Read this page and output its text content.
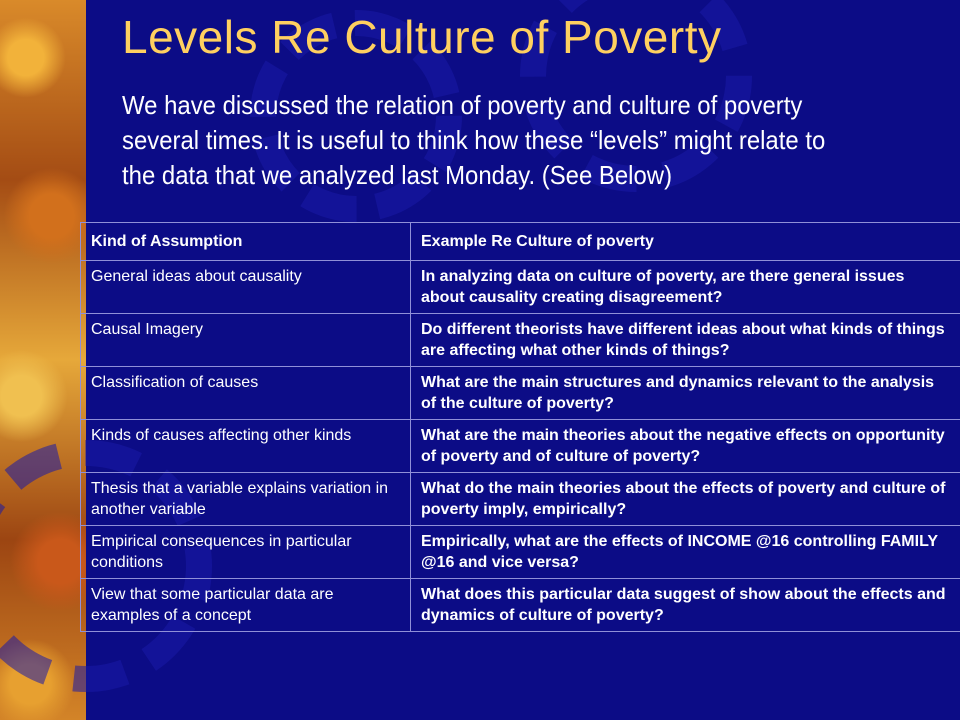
Levels Re Culture of Poverty

We have discussed the relation of poverty and culture of poverty several times. It is useful to think how these “levels” might relate to the data that we analyzed last Monday. (See Below)

Kind of Assumption	Example Re Culture of poverty
General ideas about causality	In analyzing data on culture of poverty, are there general issues about causality creating disagreement?
Causal Imagery	Do different theorists have different ideas about what kinds of things are affecting what other kinds of things?
Classification of causes	What are the main structures and dynamics relevant to the analysis of the culture of poverty?
Kinds of causes affecting other kinds	What are the main theories about the negative effects on opportunity of poverty and of culture of poverty?
Thesis that a variable explains variation in another variable	What do the main theories about the effects of poverty and culture of poverty imply, empirically?
Empirical consequences in particular conditions	Empirically, what are the effects of INCOME @16 controlling FAMILY @16 and vice versa?
View that some particular data are examples of a concept	What does this particular data suggest of show about the effects and dynamics of culture of poverty?
